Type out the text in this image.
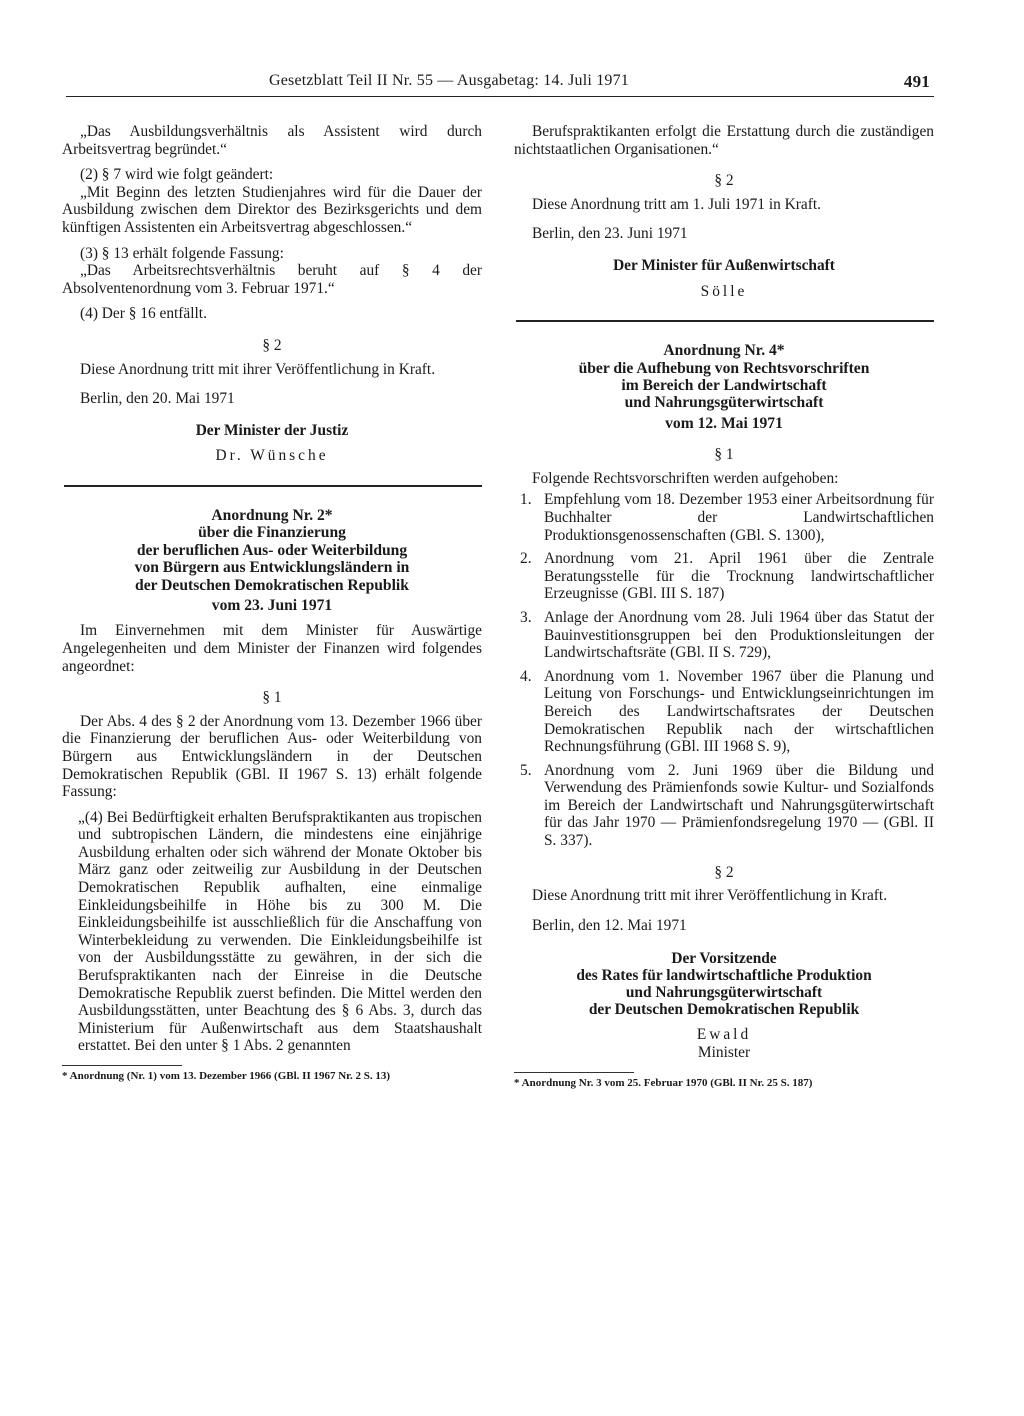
Gesetzblatt Teil II Nr. 55 — Ausgabetag: 14. Juli 1971	491

„Das Ausbildungsverhältnis als Assistent wird durch Arbeitsvertrag begründet.“

(2) § 7 wird wie folgt geändert:

„Mit Beginn des letzten Studienjahres wird für die Dauer der Ausbildung zwischen dem Direktor des Bezirksgerichts und dem künftigen Assistenten ein Arbeitsvertrag abgeschlossen.“

(3) § 13 erhält folgende Fassung:

„Das Arbeitsrechtsverhältnis beruht auf § 4 der Absolventenordnung vom 3. Februar 1971.“

(4) Der § 16 entfällt.

§ 2

Diese Anordnung tritt mit ihrer Veröffentlichung in Kraft.

Berlin, den 20. Mai 1971

Der Minister der Justiz
Dr. Wünsche
Anordnung Nr. 2*
über die Finanzierung
der beruflichen Aus- oder Weiterbildung
von Bürgern aus Entwicklungsländern in
der Deutschen Demokratischen Republik
vom 23. Juni 1971

Im Einvernehmen mit dem Minister für Auswärtige Angelegenheiten und dem Minister der Finanzen wird folgendes angeordnet:

§ 1

Der Abs. 4 des § 2 der Anordnung vom 13. Dezember 1966 über die Finanzierung der beruflichen Aus- oder Weiterbildung von Bürgern aus Entwicklungsländern in der Deutschen Demokratischen Republik (GBl. II 1967 S. 13) erhält folgende Fassung:

„(4) Bei Bedürftigkeit erhalten Berufspraktikanten aus tropischen und subtropischen Ländern, die mindestens eine einjährige Ausbildung erhalten oder sich während der Monate Oktober bis März ganz oder zeitweilig zur Ausbildung in der Deutschen Demokratischen Republik aufhalten, eine einmalige Einkleidungsbeihilfe in Höhe bis zu 300 M. Die Einkleidungsbeihilfe ist ausschließlich für die Anschaffung von Winterbekleidung zu verwenden. Die Einkleidungsbeihilfe ist von der Ausbildungsstätte zu gewähren, in der sich die Berufspraktikanten nach der Einreise in die Deutsche Demokratische Republik zuerst befinden. Die Mittel werden den Ausbildungsstätten, unter Beachtung des § 6 Abs. 3, durch das Ministerium für Außenwirtschaft aus dem Staatshaushalt erstattet. Bei den unter § 1 Abs. 2 genannten

* Anordnung (Nr. 1) vom 13. Dezember 1966 (GBl. II 1967 Nr. 2 S. 13)

Berufspraktikanten erfolgt die Erstattung durch die zuständigen nichtstaatlichen Organisationen.“

§ 2

Diese Anordnung tritt am 1. Juli 1971 in Kraft.

Berlin, den 23. Juni 1971

Der Minister für Außenwirtschaft
Sölle
Anordnung Nr. 4*
über die Aufhebung von Rechtsvorschriften
im Bereich der Landwirtschaft
und Nahrungsgüterwirtschaft
vom 12. Mai 1971
§ 1

Folgende Rechtsvorschriften werden aufgehoben:

1. Empfehlung vom 18. Dezember 1953 einer Arbeitsordnung für Buchhalter der Landwirtschaftlichen Produktionsgenossenschaften (GBl. S. 1300),
2. Anordnung vom 21. April 1961 über die Zentrale Beratungsstelle für die Trocknung landwirtschaftlicher Erzeugnisse (GBl. III S. 187)
3. Anlage der Anordnung vom 28. Juli 1964 über das Statut der Bauinvestitionsgruppen bei den Produktionsleitungen der Landwirtschaftsräte (GBl. II S. 729),
4. Anordnung vom 1. November 1967 über die Planung und Leitung von Forschungs- und Entwicklungseinrichtungen im Bereich des Landwirtschaftsrates der Deutschen Demokratischen Republik nach der wirtschaftlichen Rechnungsführung (GBl. III 1968 S. 9),
5. Anordnung vom 2. Juni 1969 über die Bildung und Verwendung des Prämienfonds sowie Kultur- und Sozialfonds im Bereich der Landwirtschaft und Nahrungsgüterwirtschaft für das Jahr 1970 — Prämienfondsregelung 1970 — (GBl. II S. 337).
§ 2

Diese Anordnung tritt mit ihrer Veröffentlichung in Kraft.

Berlin, den 12. Mai 1971

Der Vorsitzende
des Rates für landwirtschaftliche Produktion
und Nahrungsgüterwirtschaft
der Deutschen Demokratischen Republik
Ewald
Minister
* Anordnung Nr. 3 vom 25. Februar 1970 (GBl. II Nr. 25 S. 187)
